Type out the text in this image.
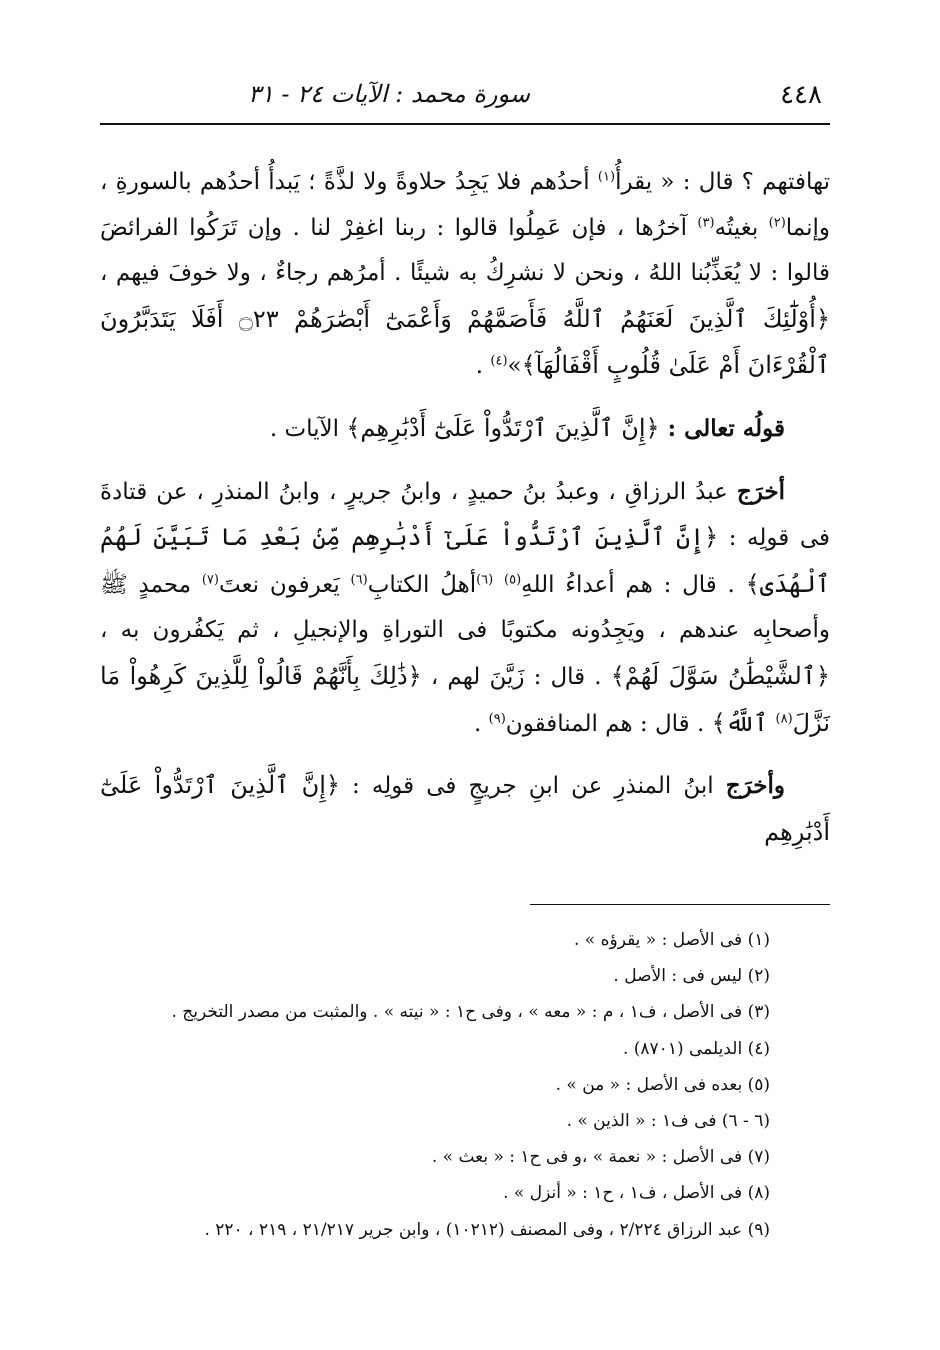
٤٤٨
سورة محمد : الآيات ٢٤ - ٣١

تهافتهم ؟ قال : « يقرأُ$^{(١)}$ أحدُهم فلا يَجِدُ حلاوةً ولا لذَّةً ؛ يَبدأُ أحدُهم بالسورةِ ، وإنما$^{(٢)}$ بغيتُه$^{(٣)}$ آخرُها ، فإن عَمِلُوا قالوا : ربنا اغفِرْ لنا . وإن تَرَكُوا الفرائضَ قالوا : لا يُعَذِّبُنا اللهُ ، ونحن لا نشرِكُ به شيئًا . أمرُهم رجاءٌ ، ولا خوفَ فيهم ، ﴿أُوْلَٰٓئِكَ ٱلَّذِينَ لَعَنَهُمُ ٱللَّهُ فَأَصَمَّهُمْ وَأَعْمَىٰٓ أَبْصَٰرَهُمْ ۝٢٣ أَفَلَا يَتَدَبَّرُونَ ٱلْقُرْءَانَ أَمْ عَلَىٰ قُلُوبٍ أَقْفَالُهَآ﴾»$^{(٤)}$ .

قولُه تعالى : ﴿إِنَّ ٱلَّذِينَ ٱرْتَدُّواْ عَلَىٰٓ أَدْبَٰرِهِم﴾ الآيات .

أخرَج عبدُ الرزاقِ ، وعبدُ بنُ حميدٍ ، وابنُ جريرٍ ، وابنُ المنذرِ ، عن قتادةَ فى قولِه : ﴿إِنَّ ٱلَّذِينَ ٱرْتَدُّواْ عَلَىٰٓ أَدْبَٰرِهِم مِّنۢ بَعْدِ مَا تَبَيَّنَ لَهُمُ ٱلْهُدَى﴾ . قال : هم أعداءُ اللهِ$^{(٥)}$ $^{(٦)}$أهلُ الكتابِ$^{(٦)}$ يَعرفون نعتَ$^{(٧)}$ محمدٍ ﷺ وأصحابِه عندهم ، ويَجِدُونه مكتوبًا فى التوراةِ والإنجيلِ ، ثم يَكفُرون به ، ﴿ٱلشَّيْطَٰنُ سَوَّلَ لَهُمْ﴾ . قال : زَيَّنَ لهم ، ﴿ذَٰلِكَ بِأَنَّهُمْ قَالُواْ لِلَّذِينَ كَرِهُواْ مَا نَزَّلَ$^{(٨)}$ ٱللَّهُ﴾ . قال : هم المنافقون$^{(٩)}$ .

وأخرَج ابنُ المنذرِ عن ابنِ جريجٍ فى قولِه : ﴿إِنَّ ٱلَّذِينَ ٱرْتَدُّواْ عَلَىٰٓ أَدْبَٰرِهِم

(١) فى الأصل : « يقرؤه » .

(٢) ليس فى : الأصل .

(٣) فى الأصل ، ف١ ، م : « معه » ، وفى ح١ : « نيته » . والمثبت من مصدر التخريج .

(٤) الديلمى (٨٧٠١) .

(٥) بعده فى الأصل : « من » .

(٦ - ٦) فى ف١ : « الذين » .

(٧) فى الأصل : « نعمة » ،و فى ح١ : « بعث » .

(٨) فى الأصل ، ف١ ، ح١ : « أنزل » .

(٩) عبد الرزاق ٢/٢٢٤ ، وفى المصنف (١٠٢١٢) ، وابن جرير ٢١/٢١٧ ، ٢١٩ ، ٢٢٠ .
